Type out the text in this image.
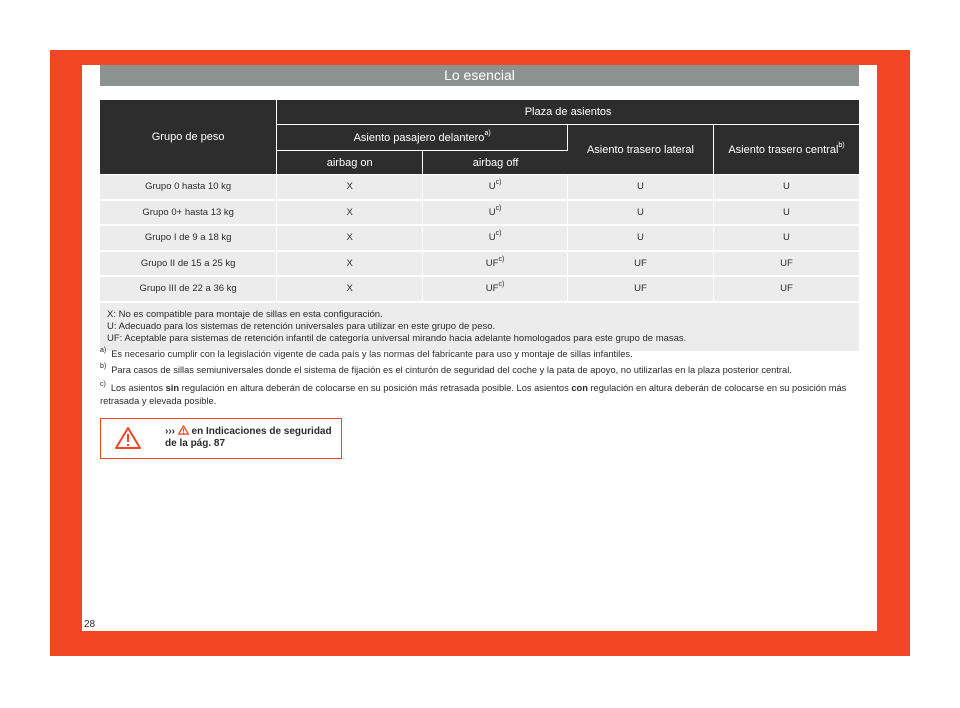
Lo esencial
Grupo de peso	Plaza de asientos			
	Asiento pasajero delantero$^{a)}$		Asiento trasero lateral	Asiento trasero central$^{b)}$
	airbag on	airbag off		
Grupo 0 hasta 10 kg	X	$U^{c)}$	U	U
Grupo 0+ hasta 13 kg	X	$U^{c)}$	U	U
Grupo I de 9 a 18 kg	X	$U^{c)}$	U	U
Grupo II de 15 a 25 kg	X	UF$^{c)}$	UF	UF
Grupo III de 22 a 36 kg	X	UF$^{c)}$	UF	UF

X: No es compatible para montaje de sillas en esta configuración.
U: Adecuado para los sistemas de retención universales para utilizar en este grupo de peso.
UF: Aceptable para sistemas de retención infantil de categoría universal mirando hacia adelante homologados para este grupo de masas.				
$^{a)}$ Es necesario cumplir con la legislación vigente de cada país y las normas del fabricante para uso y montaje de sillas infantiles.
$^{b)}$ Para casos de sillas semiuniversales donde el sistema de fijación es el cinturón de seguridad del coche y la pata de apoyo, no utilizarlas en la plaza posterior central.
$^{c)}$ Los asientos sin regulación en altura deberán de colocarse en su posición más retrasada posible. Los asientos con regulación en altura deberán de colocarse en su posición más retrasada y elevada posible.
›››  en Indicaciones de seguridad
de la pág. 87
28
